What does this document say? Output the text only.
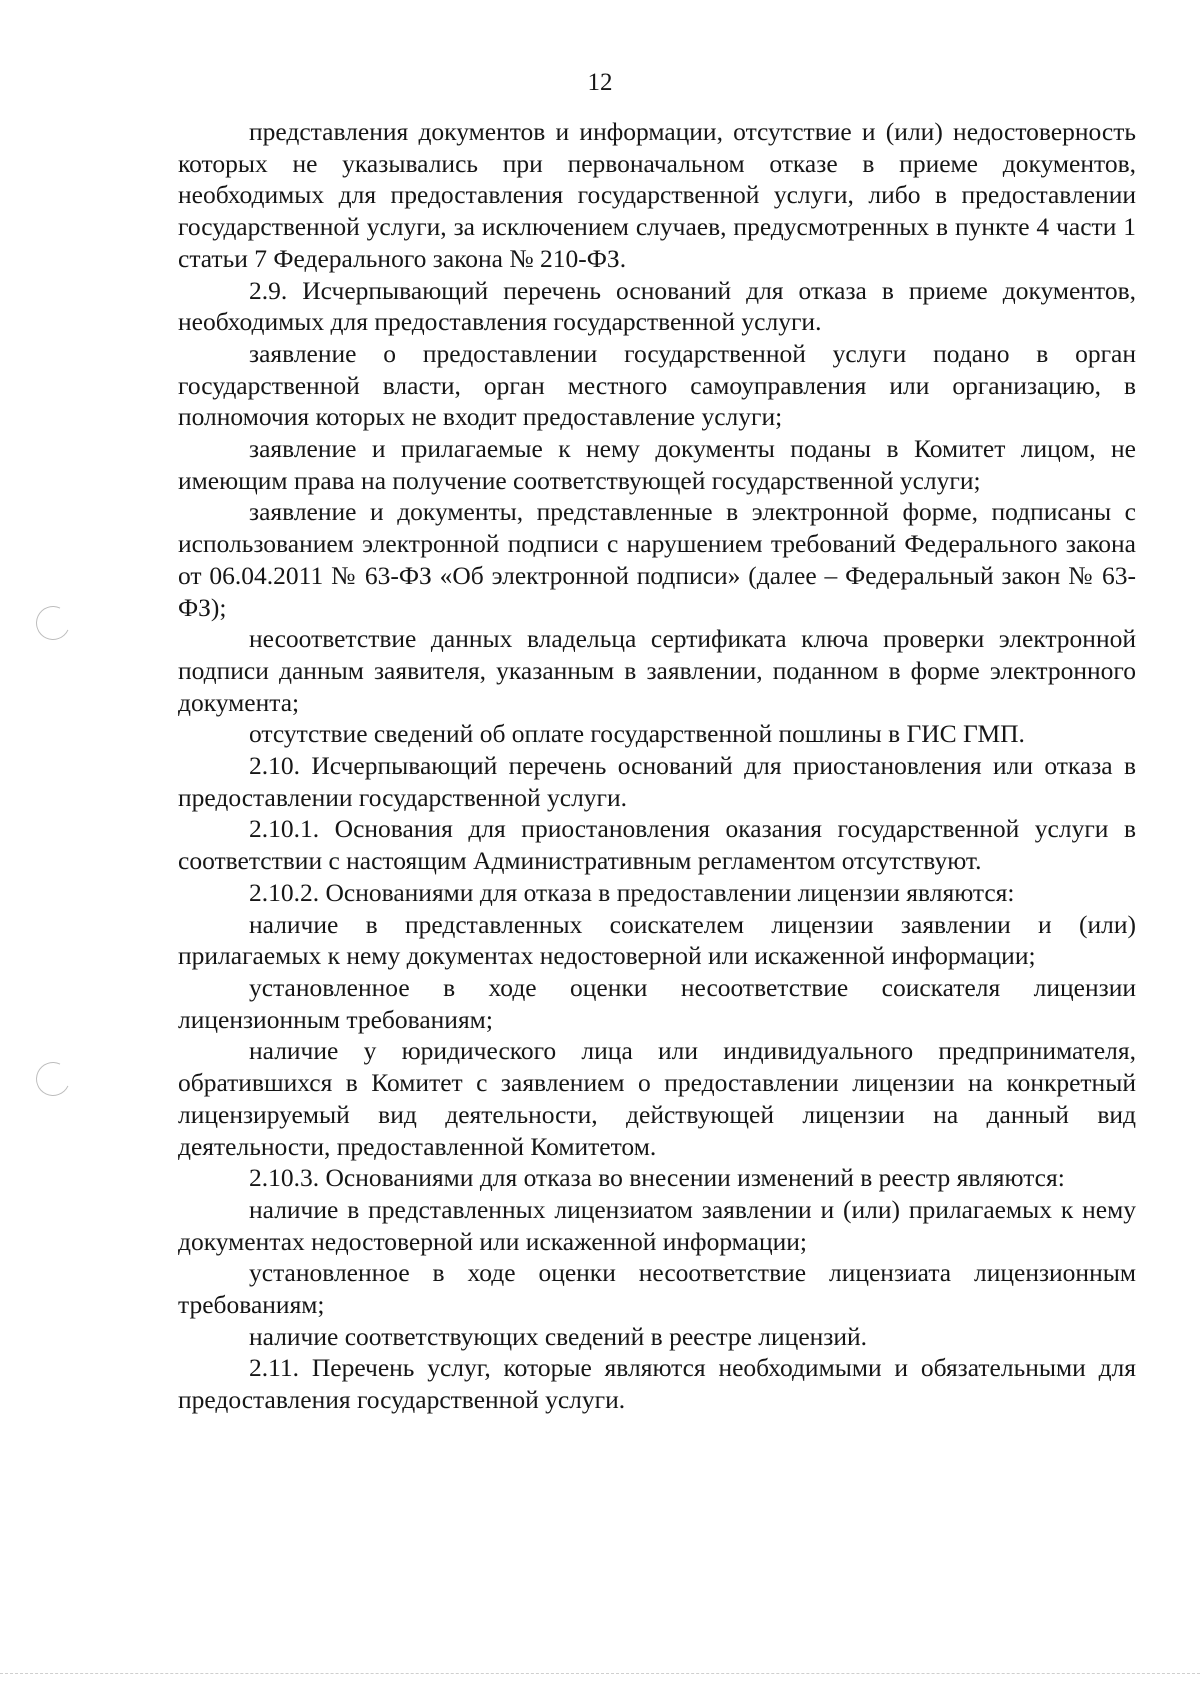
12

представления документов и информации, отсутствие и (или) недостоверность которых не указывались при первоначальном отказе в приеме документов, необходимых для предоставления государственной услуги, либо в предоставлении государственной услуги, за исключением случаев, предусмотренных в пункте 4 части 1 статьи 7 Федерального закона № 210-ФЗ.

2.9. Исчерпывающий перечень оснований для отказа в приеме документов, необходимых для предоставления государственной услуги.

заявление о предоставлении государственной услуги подано в орган государственной власти, орган местного самоуправления или организацию, в полномочия которых не входит предоставление услуги;

заявление и прилагаемые к нему документы поданы в Комитет лицом, не имеющим права на получение соответствующей государственной услуги;

заявление и документы, представленные в электронной форме, подписаны с использованием электронной подписи с нарушением требований Федерального закона от 06.04.2011 № 63-ФЗ «Об электронной подписи» (далее – Федеральный закон № 63-ФЗ);

несоответствие данных владельца сертификата ключа проверки электронной подписи данным заявителя, указанным в заявлении, поданном в форме электронного документа;

отсутствие сведений об оплате государственной пошлины в ГИС ГМП.

2.10. Исчерпывающий перечень оснований для приостановления или отказа в предоставлении государственной услуги.

2.10.1. Основания для приостановления оказания государственной услуги в соответствии с настоящим Административным регламентом отсутствуют.

2.10.2. Основаниями для отказа в предоставлении лицензии являются:

наличие в представленных соискателем лицензии заявлении и (или) прилагаемых к нему документах недостоверной или искаженной информации;

установленное в ходе оценки несоответствие соискателя лицензии лицензионным требованиям;

наличие у юридического лица или индивидуального предпринимателя, обратившихся в Комитет с заявлением о предоставлении лицензии на конкретный лицензируемый вид деятельности, действующей лицензии на данный вид деятельности, предоставленной Комитетом.

2.10.3. Основаниями для отказа во внесении изменений в реестр являются:

наличие в представленных лицензиатом заявлении и (или) прилагаемых к нему документах недостоверной или искаженной информации;

установленное в ходе оценки несоответствие лицензиата лицензионным требованиям;

наличие соответствующих сведений в реестре лицензий.

2.11. Перечень услуг, которые являются необходимыми и обязательными для предоставления государственной услуги.
